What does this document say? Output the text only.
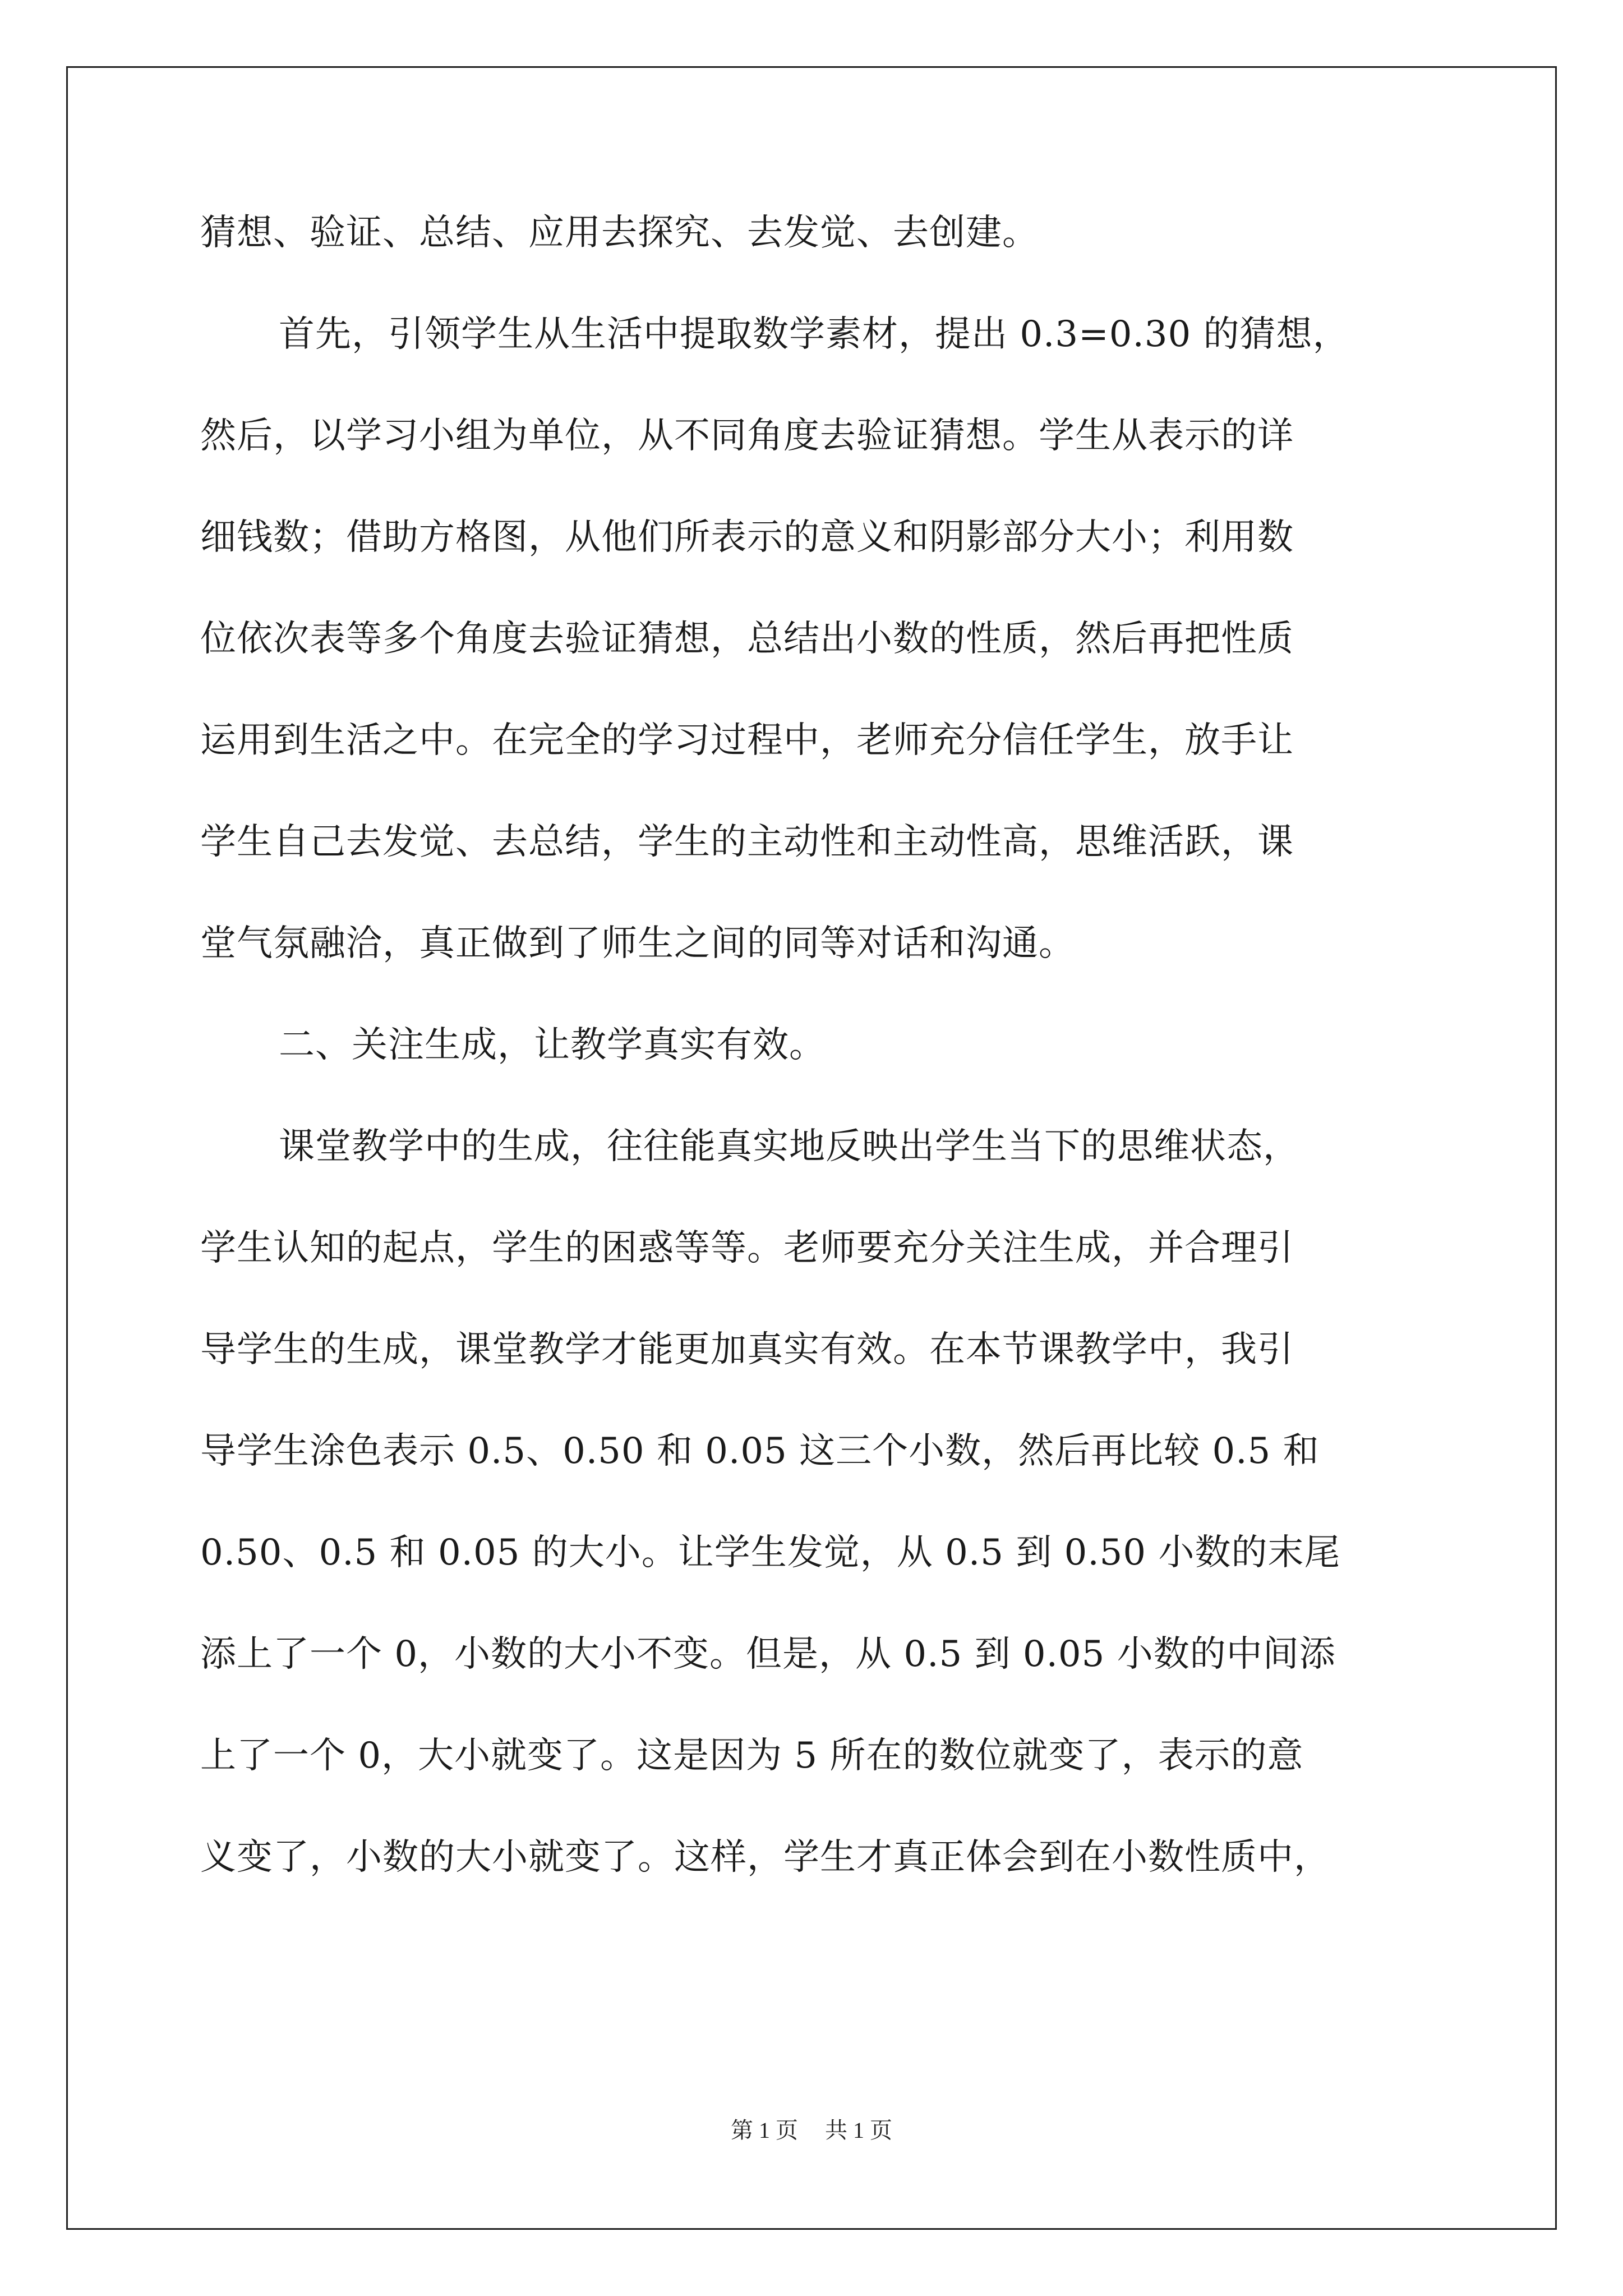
猜想、验证、总结、应用去探究、去发觉、去创建。
首先，引领学生从生活中提取数学素材，提出 0.3=0.30 的猜想，
然后，以学习小组为单位，从不同角度去验证猜想。学生从表示的详
细钱数；借助方格图，从他们所表示的意义和阴影部分大小；利用数
位依次表等多个角度去验证猜想，总结出小数的性质，然后再把性质
运用到生活之中。在完全的学习过程中，老师充分信任学生，放手让
学生自己去发觉、去总结，学生的主动性和主动性高，思维活跃，课
堂气氛融洽，真正做到了师生之间的同等对话和沟通。
二、关注生成，让教学真实有效。
课堂教学中的生成，往往能真实地反映出学生当下的思维状态，
学生认知的起点，学生的困惑等等。老师要充分关注生成，并合理引
导学生的生成，课堂教学才能更加真实有效。在本节课教学中，我引
导学生涂色表示 0.5、0.50 和 0.05 这三个小数，然后再比较 0.5 和
0.50、0.5 和 0.05 的大小。让学生发觉，从 0.5 到 0.50 小数的末尾
添上了一个 0，小数的大小不变。但是，从 0.5 到 0.05 小数的中间添
上了一个 0，大小就变了。这是因为 5 所在的数位就变了，表示的意
义变了，小数的大小就变了。这样，学生才真正体会到在小数性质中，
第 1 页 共 1 页
